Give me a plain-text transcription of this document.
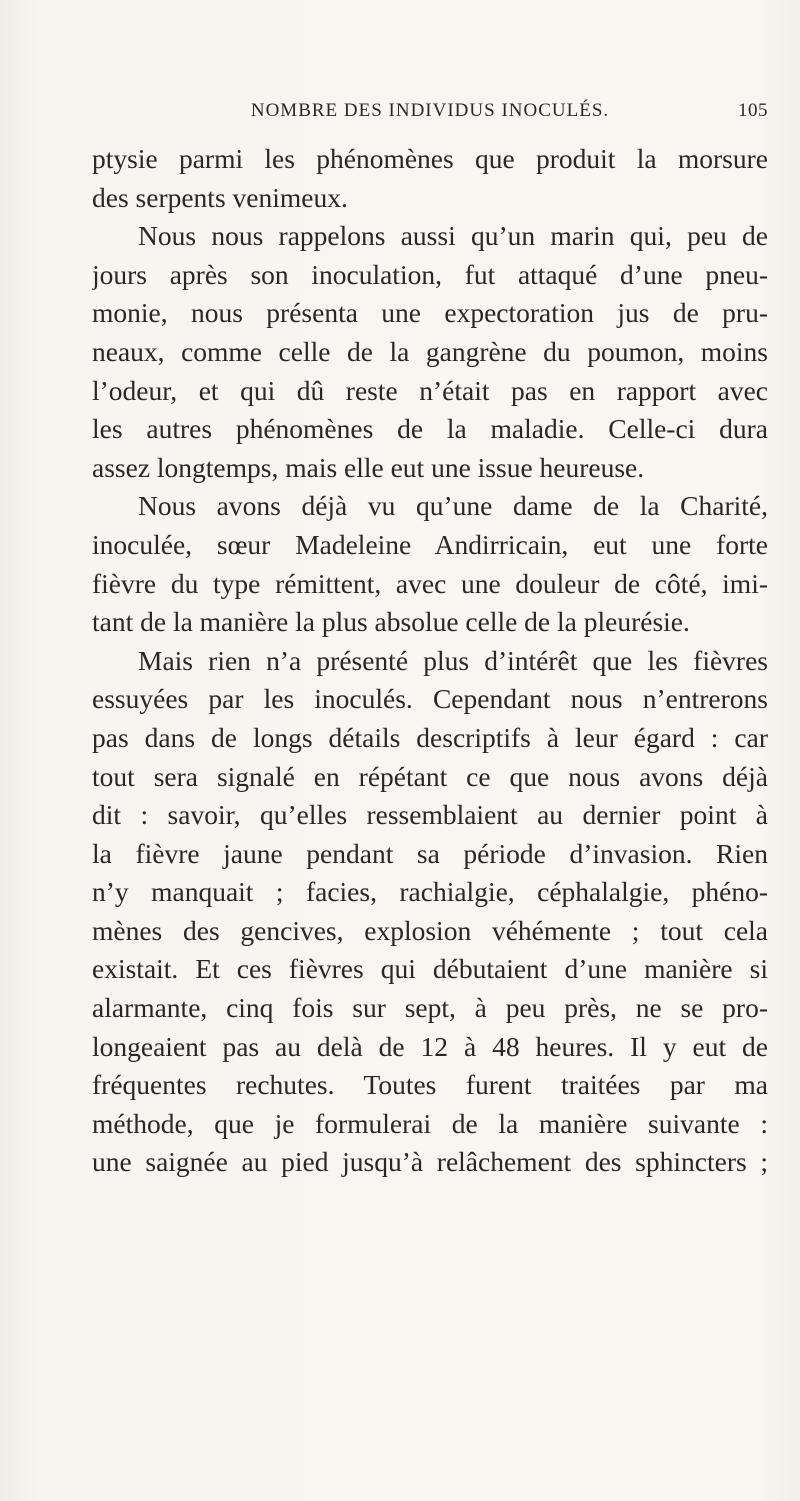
NOMBRE DES INDIVIDUS INOCULÉS.	105
ptysie parmi les phénomènes que produit la morsure
des serpents venimeux.
Nous nous rappelons aussi qu’un marin qui, peu de
jours après son inoculation, fut attaqué d’une pneu-
monie, nous présenta une expectoration jus de pru-
neaux, comme celle de la gangrène du poumon, moins
l’odeur, et qui dû reste n’était pas en rapport avec
les autres phénomènes de la maladie. Celle-ci dura
assez longtemps, mais elle eut une issue heureuse.
Nous avons déjà vu qu’une dame de la Charité,
inoculée, sœur Madeleine Andirricain, eut une forte
fièvre du type rémittent, avec une douleur de côté, imi-
tant de la manière la plus absolue celle de la pleurésie.
Mais rien n’a présenté plus d’intérêt que les fièvres
essuyées par les inoculés. Cependant nous n’entrerons
pas dans de longs détails descriptifs à leur égard : car
tout sera signalé en répétant ce que nous avons déjà
dit : savoir, qu’elles ressemblaient au dernier point à
la fièvre jaune pendant sa période d’invasion. Rien
n’y manquait ; facies, rachialgie, céphalalgie, phéno-
mènes des gencives, explosion véhémente ; tout cela
existait. Et ces fièvres qui débutaient d’une manière si
alarmante, cinq fois sur sept, à peu près, ne se pro-
longeaient pas au delà de 12 à 48 heures. Il y eut de
fréquentes rechutes. Toutes furent traitées par ma
méthode, que je formulerai de la manière suivante :
une saignée au pied jusqu’à relâchement des sphincters ;
